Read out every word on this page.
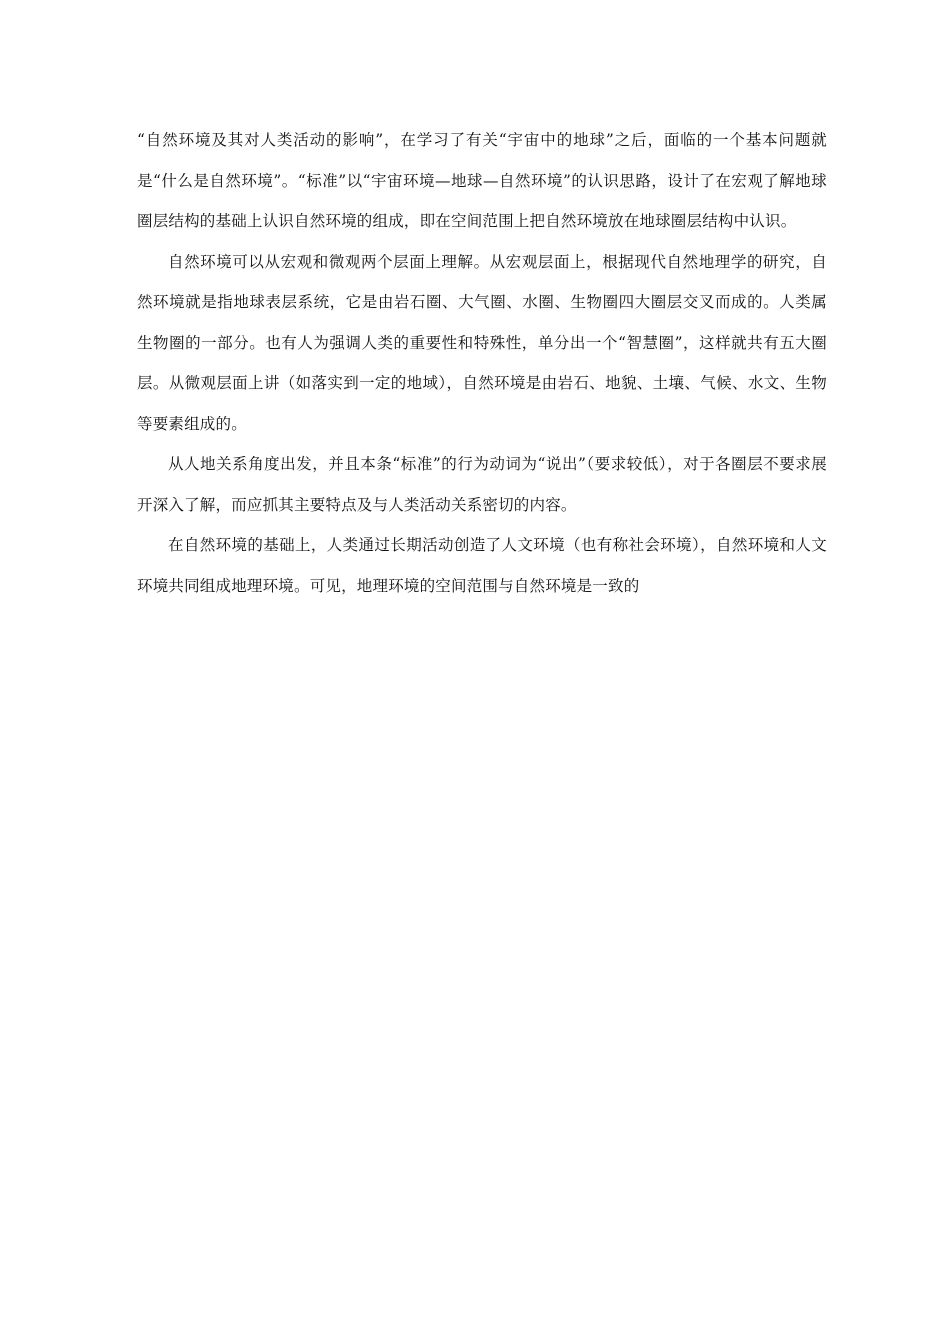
“自然环境及其对人类活动的影响”，在学习了有关“宇宙中的地球”之后，面临的一个基本问题就是“什么是自然环境”。“标准”以“宇宙环境—地球—自然环境”的认识思路，设计了在宏观了解地球圈层结构的基础上认识自然环境的组成，即在空间范围上把自然环境放在地球圈层结构中认识。

自然环境可以从宏观和微观两个层面上理解。从宏观层面上，根据现代自然地理学的研究，自然环境就是指地球表层系统，它是由岩石圈、大气圈、水圈、生物圈四大圈层交叉而成的。人类属生物圈的一部分。也有人为强调人类的重要性和特殊性，单分出一个“智慧圈”，这样就共有五大圈层。从微观层面上讲（如落实到一定的地域），自然环境是由岩石、地貌、土壤、气候、水文、生物等要素组成的。

从人地关系角度出发，并且本条“标准”的行为动词为“说出”（要求较低），对于各圈层不要求展开深入了解，而应抓其主要特点及与人类活动关系密切的内容。

在自然环境的基础上，人类通过长期活动创造了人文环境（也有称社会环境），自然环境和人文环境共同组成地理环境。可见，地理环境的空间范围与自然环境是一致的
